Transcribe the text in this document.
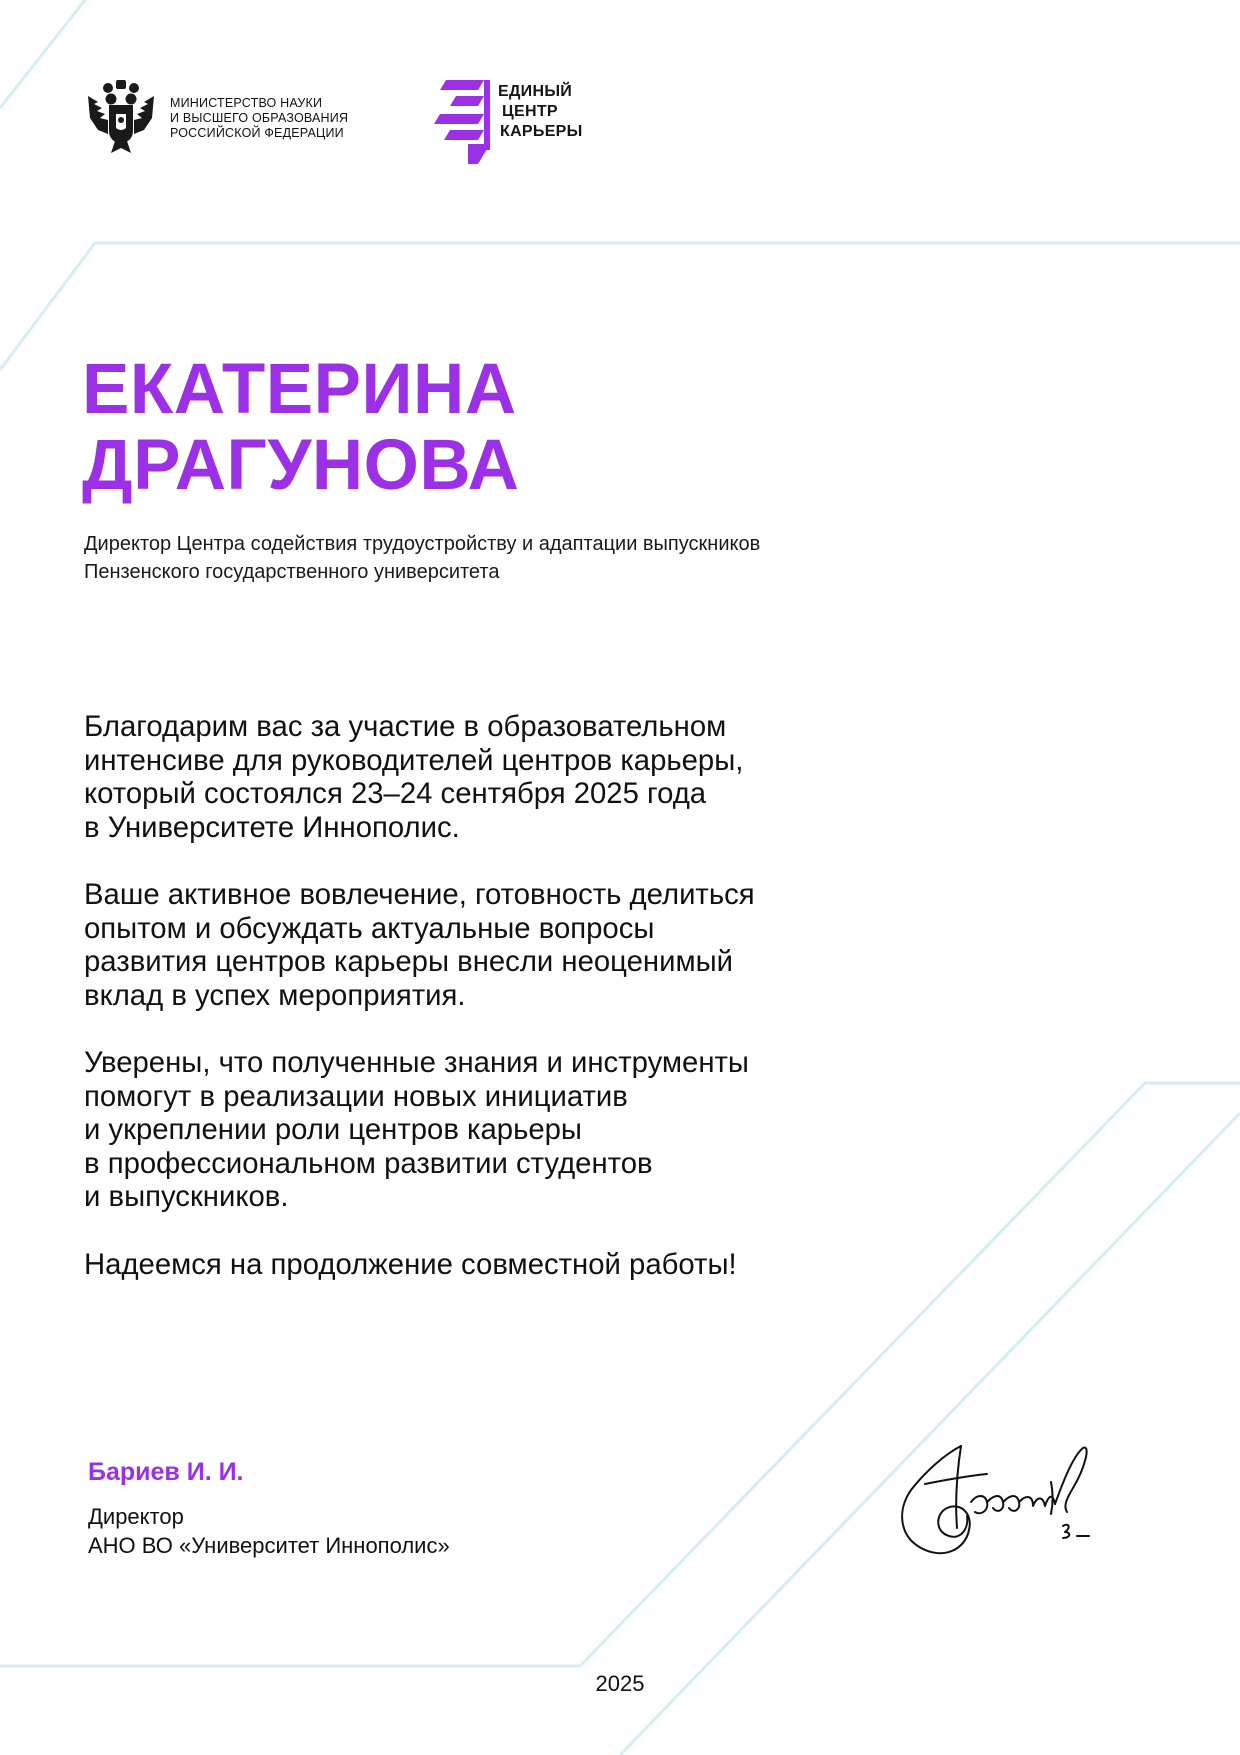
МИНИСТЕРСТВО НАУКИ
И ВЫСШЕГО ОБРАЗОВАНИЯ
РОССИЙСКОЙ ФЕДЕРАЦИИ
ЕДИНЫЙ
ЦЕНТР
КАРЬЕРЫ
ЕКАТЕРИНА
ДРАГУНОВА
Директор Центра содействия трудоустройству и адаптации выпускников
Пензенского государственного университета

Благодарим вас за участие в образовательном
интенсиве для руководителей центров карьеры,
который состоялся 23–24 сентября 2025 года
в Университете Иннополис.

Ваше активное вовлечение, готовность делиться
опытом и обсуждать актуальные вопросы
развития центров карьеры внесли неоценимый
вклад в успех мероприятия.

Уверены, что полученные знания и инструменты
помогут в реализации новых инициатив
и укреплении роли центров карьеры
в профессиональном развитии студентов
и выпускников.

Надеемся на продолжение совместной работы!

Бариев И. И.
Директор
АНО ВО «Университет Иннополис»
2025
